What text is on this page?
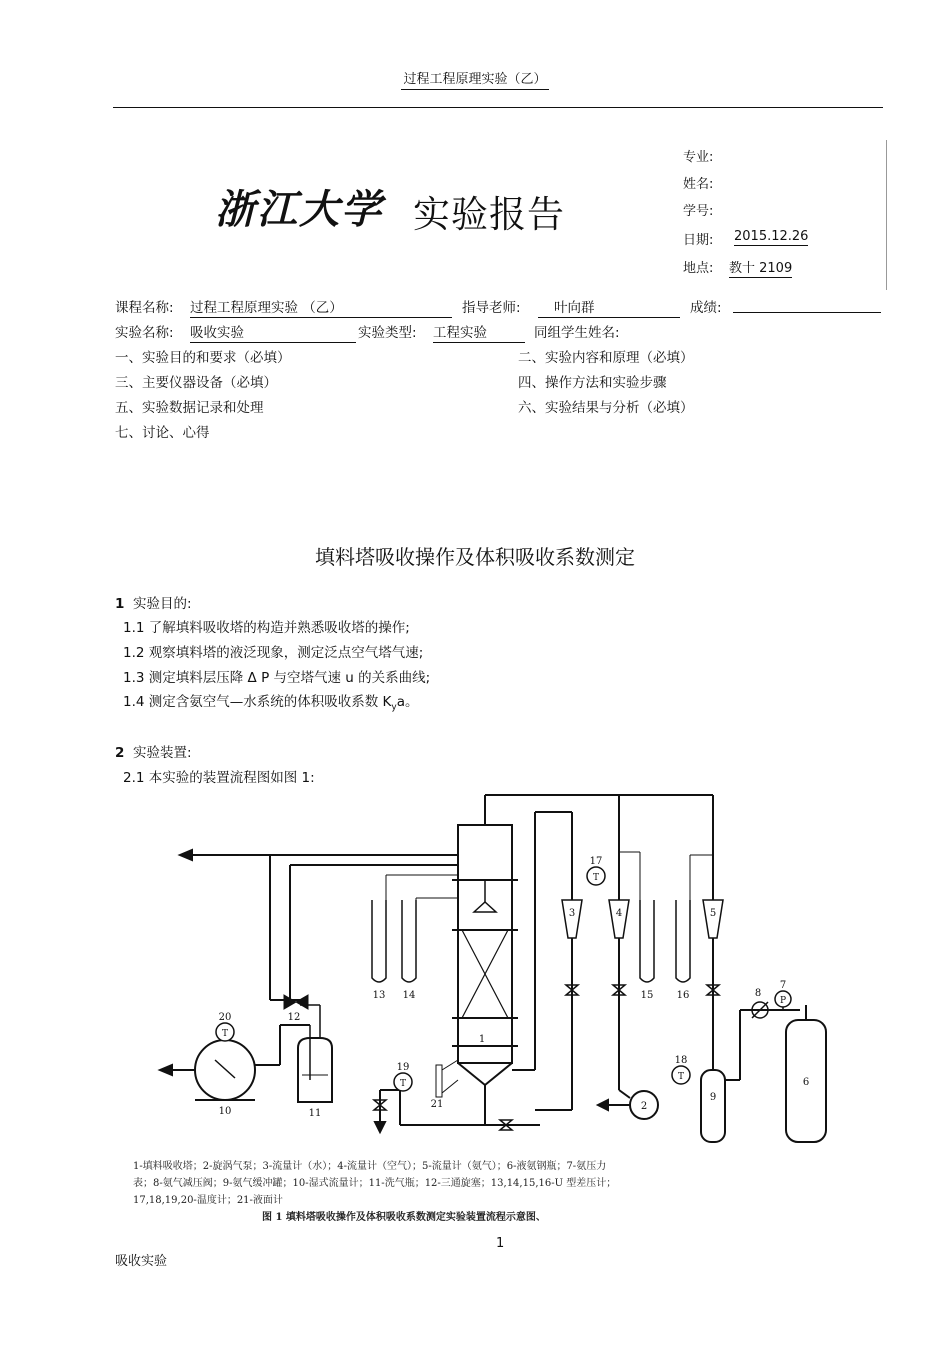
过程工程原理实验（乙）
浙江大学 实验报告
专业:
姓名:
学号:
日期: 2015.12.26
地点: 教十 2109
课程名称: 过程工程原理实验 （乙）	指导老师:	叶向群	成绩:
实验名称: 吸收实验	实验类型: 工程实验	同组学生姓名:
一、实验目的和要求（必填）	二、实验内容和原理（必填）
三、主要仪器设备（必填）	四、操作方法和实验步骤
五、实验数据记录和处理	六、实验结果与分析（必填）
七、讨论、心得
填料塔吸收操作及体积吸收系数测定
1 实验目的:
1.1 了解填料吸收塔的构造并熟悉吸收塔的操作;
1.2 观察填料塔的液泛现象，测定泛点空气塔气速;
1.3 测定填料层压降 Δ P 与空塔气速 u 的关系曲线;
1.4 测定含氨空气—水系统的体积吸收系数 $K_ya$。
2 实验装置:
2.1 本实验的装置流程图如图 1:
T
T
T
T
P
1
2
3	4	5
6
7
8
9
10	11
12
13 14	15 16
17
18
19
20
21
1-填料吸收塔；2-旋涡气泵；3-流量计（水）；4-流量计（空气）；5-流量计（氨气）；6-液氨钢瓶；7-氨压力
表；8-氨气减压阀；9-氨气缓冲罐；10-湿式流量计；11-洗气瓶；12-三通旋塞；13,14,15,16-U 型差压计；
17,18,19,20-温度计；21-液面计
图 1 填料塔吸收操作及体积吸收系数测定实验装置流程示意图、
1
吸收实验
